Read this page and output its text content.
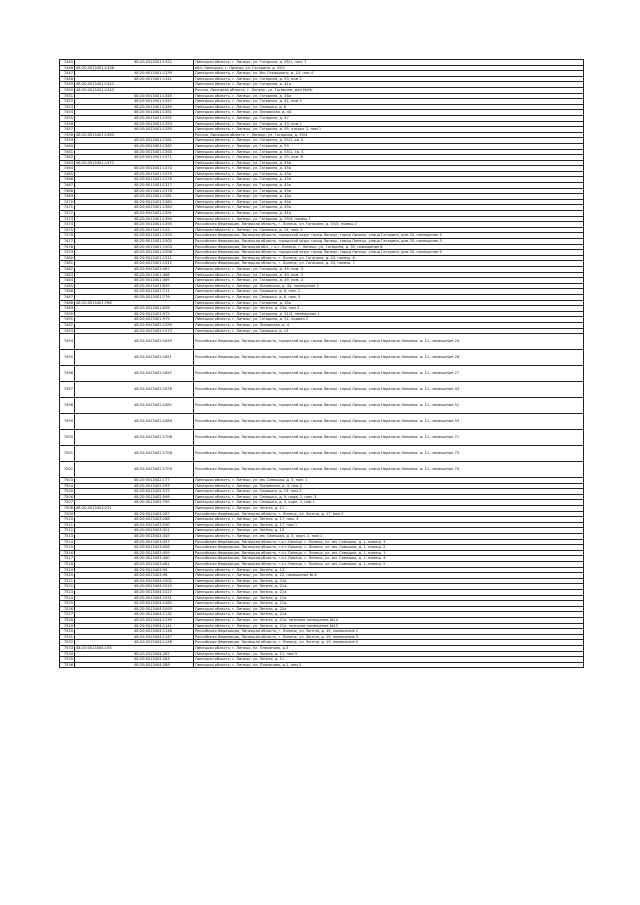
7445	48:20:0013401:1322	Липецкая область, г. Липецк, ул. Гагарина, д. 55/1, пом. 7
7446	48:20:0013401:1336	обл. Липецкая, г. Липецк, ул. Гагарина, д. 45/1
7447	48:20:0013401:1339	Липецкая область, г. Липецк, ул. Им. Осмыцкого, д. 14, пом 4
7448	48:20:0013401:1341	Липецкая область, г. Липецк, ул. Гагарина, д. 53, пом 2
7449	48:20:0013401:1342	Липецкая область, г. Липецк, ул. Гагарина, д. 41а
7450	48:20:0013401:1343	Россия, Липецкая область, г. Липецк, ул. Гагарина, дом №45г
7451	48:20:0013401:1345	Липецкая область, г. Липецк, ул. Гагарина, д. 45а
7452	48:20:0013401:1347	Липецкая область, г. Липецк, ул. Гагарина, д. 41, пом 5
7453	48:20:0013401:1349	Липецкая область, г. Липецк, ул. Семашко, д. 6
7454	48:20:0013401:1351	Липецкая область, г. Липецк, ул. Липовская, д. 44
7455	48:20:0013401:1352	Липецкая область, г. Липецк, ул. Гагарина, д. 47
7456	48:20:0013401:1353	Липецкая область, г. Липецк, ул. Гагарина, д. 43, пом 2
7457	48:20:0013401:1355	Липецкая область, г. Липецк, ул. Гагарина, д. 55, открыт 2, пом 1
7458	48:20:0013401:1360	Россия, Липецкая область, г. Липецк, ул. Гагарина, д. 55/4
7459	48:20:0013401:1361	Липецкая область, г. Липецк, ул. Гагарина, д. 55/1, кв. 5
7460	48:20:0013401:1362	Липецкая область, г. Липецк, ул. Гагарина, д. 53
7461	48:20:0013401:1363	Липецкая область, г. Липецк, ул. Гагарина, д. 55/1, кв. 4
7462	48:20:0013401:1371	Липецкая область, г. Липецк, ул. Гагарина, д. 53, пом. 6
7463	48:20:0013401:1372	Липецкая область, г. Липецк, ул. Гагарина, д. 45а
7464	48:20:0013401:1374	Липецкая область, г. Липецк, ул. Гагарина, д. 45а
7465	48:20:0013401:1375	Липецкая область, г. Липецк, ул. Гагарина, д. 45а
7466	48:20:0013401:1376	Липецкая область, г. Липецк, ул. Гагарина, д. 45а
7467	48:20:0013401:1377	Липецкая область, г. Липецк, ул. Гагарина, д. 45а
7468	48:20:0013401:1378	Липецкая область, г. Липецк, ул. Гагарина, д. 45а
7469	48:20:0013401:1381	Липецкая область, г. Липецк, ул. Гагарина, д. 45а
7470	48:20:0013401:1382	Липецкая область, г. Липецк, ул. Гагарина, д. 45а
7471	48:20:0013401:1383	Липецкая область, г. Липецк, ул. Гагарина, д. 45а
7472	48:20:0013401:1391	Липецкая область, г. Липецк, ул. Гагарина, д. 41а
7473	48:20:0013401:1394	Липецкая область, г. Липецк, ул. Гагарина, д. 55/4, помещ 1
7474	48:20:0013401:1395	Российская Федерация, Липецкая область, г. Липецк, ул. Гагарина, д. 55/4, помещ 2
7475	48:20:0013401:142	Липецкая область, г. Липецк, ул. Семашко, д. 14, пом. 2
7476	48:20:0013401:1500	Российская Федерация, Липецкая область, городской округ город Липецк, город Липецк, улица Гагарина, дом 35, помещение 4
7477	48:20:0013401:1502	Российская Федерация, Липецкая область, городской округ город Липецк, город Липецк, улица Гагарина, дом 35, помещение 3
7478	48:20:0013401:1503	Российская Федерация, Липецкая обл., г.о.г. Липецк, г. Липецк, ул. Гагарина, д. 35, помещение 8
7479	48:20:0013401:1506	Российская Федерация, Липецкая область, городской округ город Липецк, город Липецк, улица Гагарина, дом 35, помещение 9
7480	48:20:0013401:1511	Российская Федерация, Липецкая область, г. Липецк, ул. Гагарина, д. 43, помещ. 6
7481	48:20:0013401:1512	Российская Федерация, Липецкая область, г. Липецк, ул. Гагарина, д. 43, помещ. 7
7482	48:20:0013401:467	Липецкая область, г. Липецк, ул. Гагарина, д. 49, пом. 3
7483	48:20:0013401:468	Липецкая область, г. Липецк, ул. Гагарина, д. 49, пом. 3
7484	48:20:0013401:469	Липецкая область, г. Липецк, ул. Гагарина, д. 49, пом. 4
7485	48:20:0013401:635	Липецкая область, г. Липецк, ул. Липовская, д. 44, помещение 2
7486	48:20:0013401:711	Липецкая область, г. Липецк, ул. Семашко, д. 6, пом. 2
7487	48:20:0013401:776	Липецкая область, г. Липецк, ул. Семашко, д. 6, пом. 5
7488	48:20:0013401:766	Липецкая область, г. Липецк, ул. Гагарина, д. 35а
7489	48:20:0013401:836	Липецкая область, г. Липецк, ул. Зегеля, д. 23а, пом 3
7490	48:20:0013401:972	Липецкая область, г. Липецк, ул. Гагарина, д. 51/3, помещение 1
7491	48:20:0013401:979	Липецкая область, г. Липецк, ул. Гагарина, д. 51, подвал 2
7492	48:20:0013402:1390	Липецкая область, г. Липецк, ул. Липовская, д. 4
7493	48:20:0013402:1273	Липецкая область, г. Липецк, ул. Семашко, д. 13
7494	48:20:0013402:1649	Российская Федерация, Липецкая область, городской округ город Липецк, город Липецк, улица Неделина Лоповых, д. 11, помещение 24
7495	48:20:0013402:1651	Российская Федерация, Липецкая область, городской округ город Липецк, город Липецк, улица Неделина Лоповых, д. 11, помещение 26
7496	48:20:0013402:1652	Российская Федерация, Липецкая область, городской округ город Липецк, город Липецк, улица Неделина Лоповых, д. 11, помещение 27
7497	48:20:0013402:1678	Российская Федерация, Липецкая область, городской округ город Липецк, город Липецк, улица Неделина Лоповых, д. 11, помещение 43
7498	48:20:0013402:1682	Российская Федерация, Липецкая область, городской округ город Липецк, город Липецк, улица Неделина Лоповых, д. 11, помещение 51
7499	48:20:0013402:1684	Российская Федерация, Липецкая область, городской округ город Липецк, город Липецк, улица Неделина Лоповых, д. 11, помещение 53
7500	48:20:0013402:1706	Российская Федерация, Липецкая область, городской округ город Липецк, город Липецк, улица Неделина Лоповых, д. 11, помещение 71
7501	48:20:0013402:1708	Российская Федерация, Липецкая область, городской округ город Липецк, город Липецк, улица Неделина Лоповых, д. 11, помещение 73
7502	48:20:0013402:1709	Российская Федерация, Липецкая область, городской округ город Липецк, город Липецк, улица Неделина Лоповых, д. 11, помещение 74
7503	48:20:0013402:177	Липецкая область, г. Липецк, ул. им. Семашко, д. 5, пом. 1
7504	48:20:0013402:293	Липецкая область, г. Липецк, ул. Липовская, д. 4, пом 2
7505	48:20:0013402:575	Липецкая область, г. Липецк, ул. Семашко, д. 13, пом 2
7506	48:20:0013402:598	Липецкая область, г. Липецк, ул. Семашко, д. 9, подв. 2, пом. 3
7507	48:20:0013402:750	Липецкая область, г. Липецк, ул. Семашко, д. 5, корп. 2, пом 1
7508	48:20:0013403:231	Липецкая область, г. Липецк, ул. Зегеля, д. 17
7509	48:20:0013403:287	Российская Федерация, Липецкая область, г. Липецк, ул. Зегеля, д. 17, пом 2
7510	48:20:0013403:288	Липецкая область, г. Липецк, ул. Зегеля, д. 17, пом. 3
7511	48:20:0013403:290	Липецкая область, г. Липецк, ул. Зегеля, д. 17, пом 1
7512	48:20:0013403:301	Липецкая область, г. Липецк, ул. Зегеля, д. 13
7513	48:20:0013403:345	Липецкая область, г. Липецк, ул. им. Семашко, д. 5, корп. 2, пом 1
7514	48:20:0013403:457	Российская Федерация, Липецкая область, г.о.г.Липецк, г. Липецк, ул. им. Семашко, д. 1, помещ. 3
7515	48:20:0013403:458	Российская Федерация, Липецкая область, г.о.г.Липецк, г. Липецк, ул. им. Семашко, д. 1, помещ. 2
7516	48:20:0013403:459	Российская Федерация, Липецкая область, г.о.г.Липецк, г. Липецк, ул. им. Семашко, д. 1, помещ. 1
7517	48:20:0013403:460	Российская Федерация, Липецкая область, г.о.г.Липецк, г. Липецк, ул. им. Семашко, д. 1, помещ. 4
7518	48:20:0013403:461	Российская Федерация, Липецкая область, г.о.г.Липецк, г. Липецк, ул. им. Семашко, д. 1, помещ. 5
7519	48:20:0013403:94	Липецкая область, г. Липецк, ул. Зегеля, д. 13
7520	48:20:0013403:96	Липецкая область, г. Липецк, ул. Зегеля, д. 22, помещение № 6
7521	48:20:0013404:1002	Липецкая область, г. Липецк, ул. Зегеля, д. 21а
7522	48:20:0013404:1010	Липецкая область, г. Липецк, ул. Зегеля, д. 21а
7523	48:20:0013404:1027	Липецкая область, г. Липецк, ул. Зегеля, д. 21а
7524	48:20:0013404:1031	Липецкая область, г. Липецк, ул. Зегеля, д. 21а
7525	48:20:0013404:1082	Липецкая область, г. Липецк, ул. Зегеля, д. 21а
7526	48:20:0013404:1093	Липецкая область, г. Липецк, ул. Зегеля, д. 21а
7527	48:20:0013404:1132	Липецкая область, г. Липецк, ул. Зегеля, д. 21а
7528	48:20:0013404:1139	Липецкая область, г. Липецк, ул. Зегеля, д. 21а, нежилое помещение №14
7529	48:20:0013404:1141	Липецкая область, г. Липецк, ул. Зегеля, д. 21а, нежилое помещение №15
7530	48:20:0013404:1146	Российская Федерация, Липецкая область, г. Липецк, ул. Зегеля, д. 19, помещение 2
7531	48:20:0013404:1147	Российская Федерация, Липецкая область, г. Липецк, ул. Зегеля, д. 19, помещение 3
7532	48:20:0013404:1148	Российская Федерация, Липецкая область, г. Липецк, ул. Зегеля, д. 19, помещение 4
7533	48:20:0013404:155	Липецкая область, г. Липецк, пл. Плеханова, д.3
7534	48:20:0013404:262	Липецкая область, г. Липецк, ул. Зегеля, д. 11, пом 5
7535	48:20:0013404:284	Липецкая область, г. Липецк, ул. Зегеля, д. 11
7536	48:20:0013404:288	Липецкая область, г. Липецк, пл. Плеханова, д.1, пом 5
